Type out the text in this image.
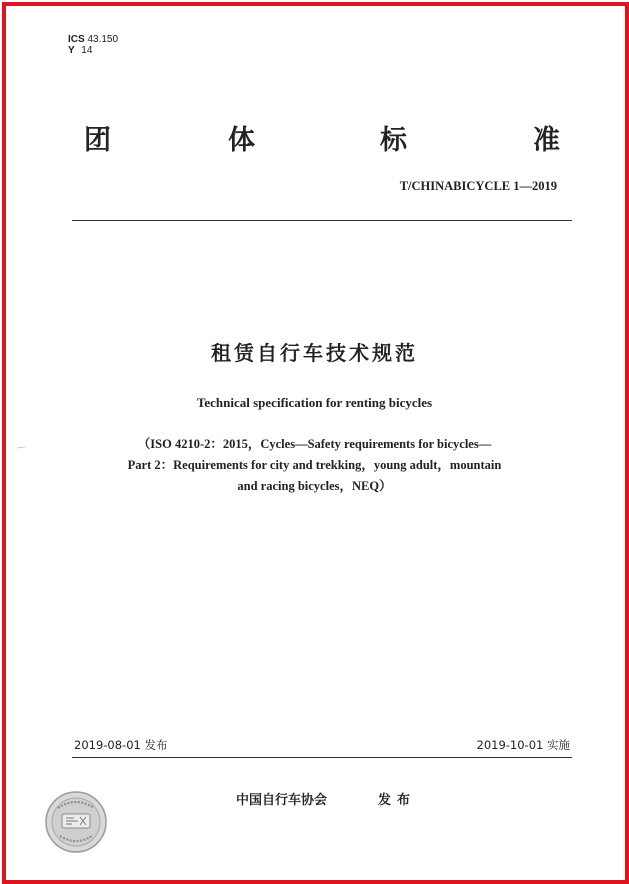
ICS 43.150
Y 14
团	体	标	准
T/CHINABICYCLE 1—2019
租赁自行车技术规范
Technical specification for renting bicycles
（ISO 4210-2：2015，Cycles—Safety requirements for bicycles—
Part 2：Requirements for city and trekking，young adult，mountain
and racing bicycles，NEQ）
2019-08-01 发布	2019-10-01 实施
中国自行车协会	发布
